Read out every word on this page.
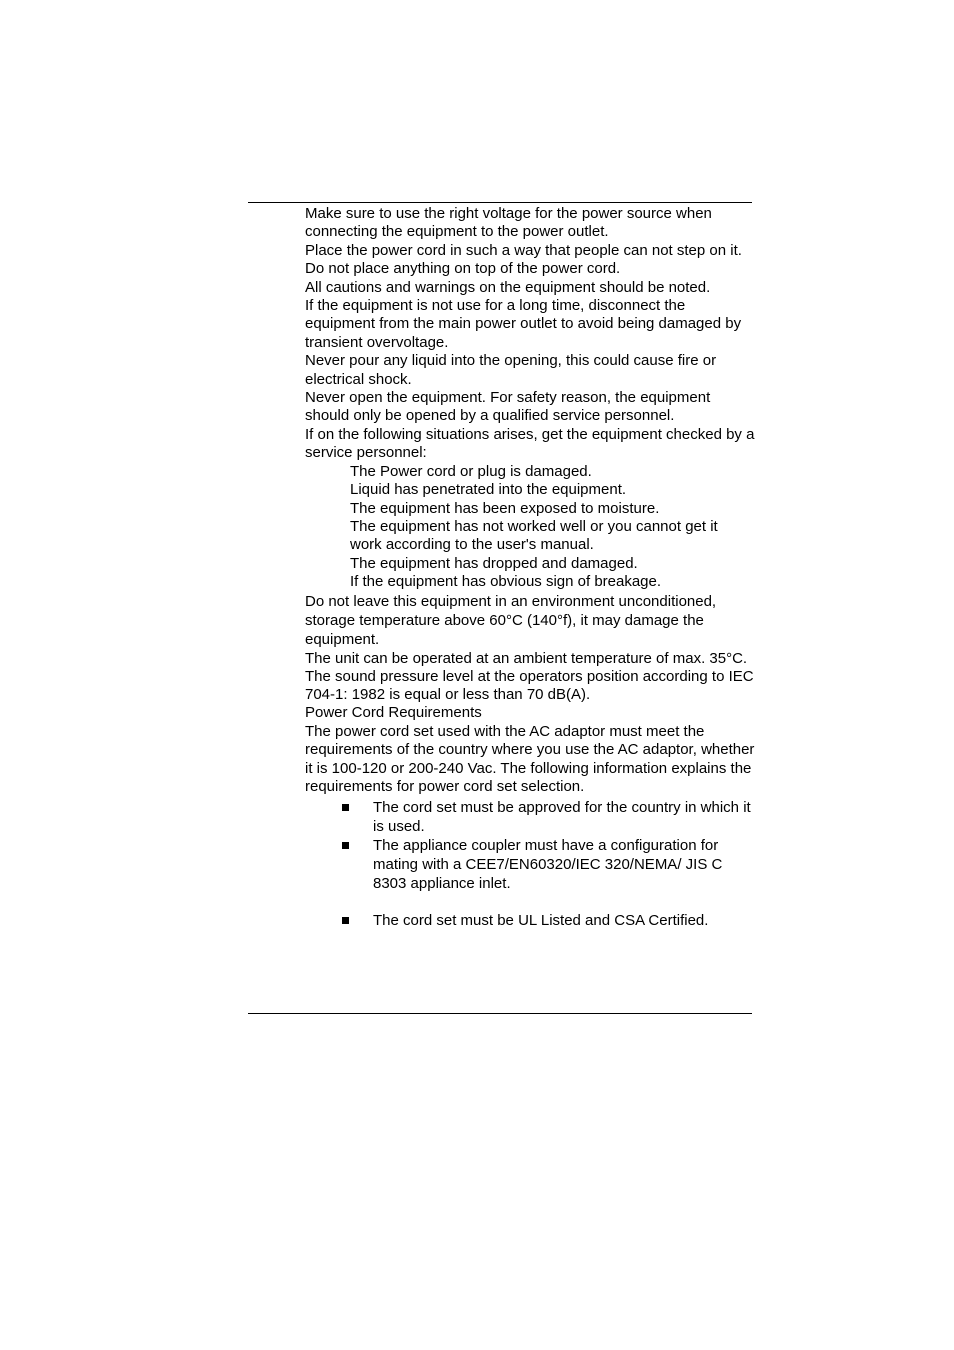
Make sure to use the right voltage for the power source when connecting the equipment to the power outlet.

Place the power cord in such a way that people can not step on it. Do not place anything on top of the power cord.

All cautions and warnings on the equipment should be noted.

If the equipment is not use for a long time, disconnect the equipment from the main power outlet to avoid being damaged by transient overvoltage.

Never pour any liquid into the opening, this could cause fire or electrical shock.

Never open the equipment. For safety reason, the equipment should only be opened by a qualified service personnel.

If on the following situations arises, get the equipment checked by a service personnel:

The Power cord or plug is damaged.
Liquid has penetrated into the equipment.
The equipment has been exposed to moisture.
The equipment has not worked well or you cannot get it work according to the user's manual.
The equipment has dropped and damaged.
If the equipment has obvious sign of breakage.

Do not leave this equipment in an environment unconditioned, storage temperature above 60°C (140°f), it may damage the equipment.

The unit can be operated at an ambient temperature of max. 35°C.

The sound pressure level at the operators position according to IEC 704-1: 1982 is equal or less than 70 dB(A).

Power Cord Requirements

The power cord set used with the AC adaptor must meet the requirements of the country where you use the AC adaptor, whether it is 100-120 or 200-240 Vac. The following information explains the requirements for power cord set selection.

The cord set must be approved for the country in which it is used.
The appliance coupler must have a configuration for mating with a CEE7/EN60320/IEC 320/NEMA/ JIS C 8303 appliance inlet.
The cord set must be UL Listed and CSA Certified.
